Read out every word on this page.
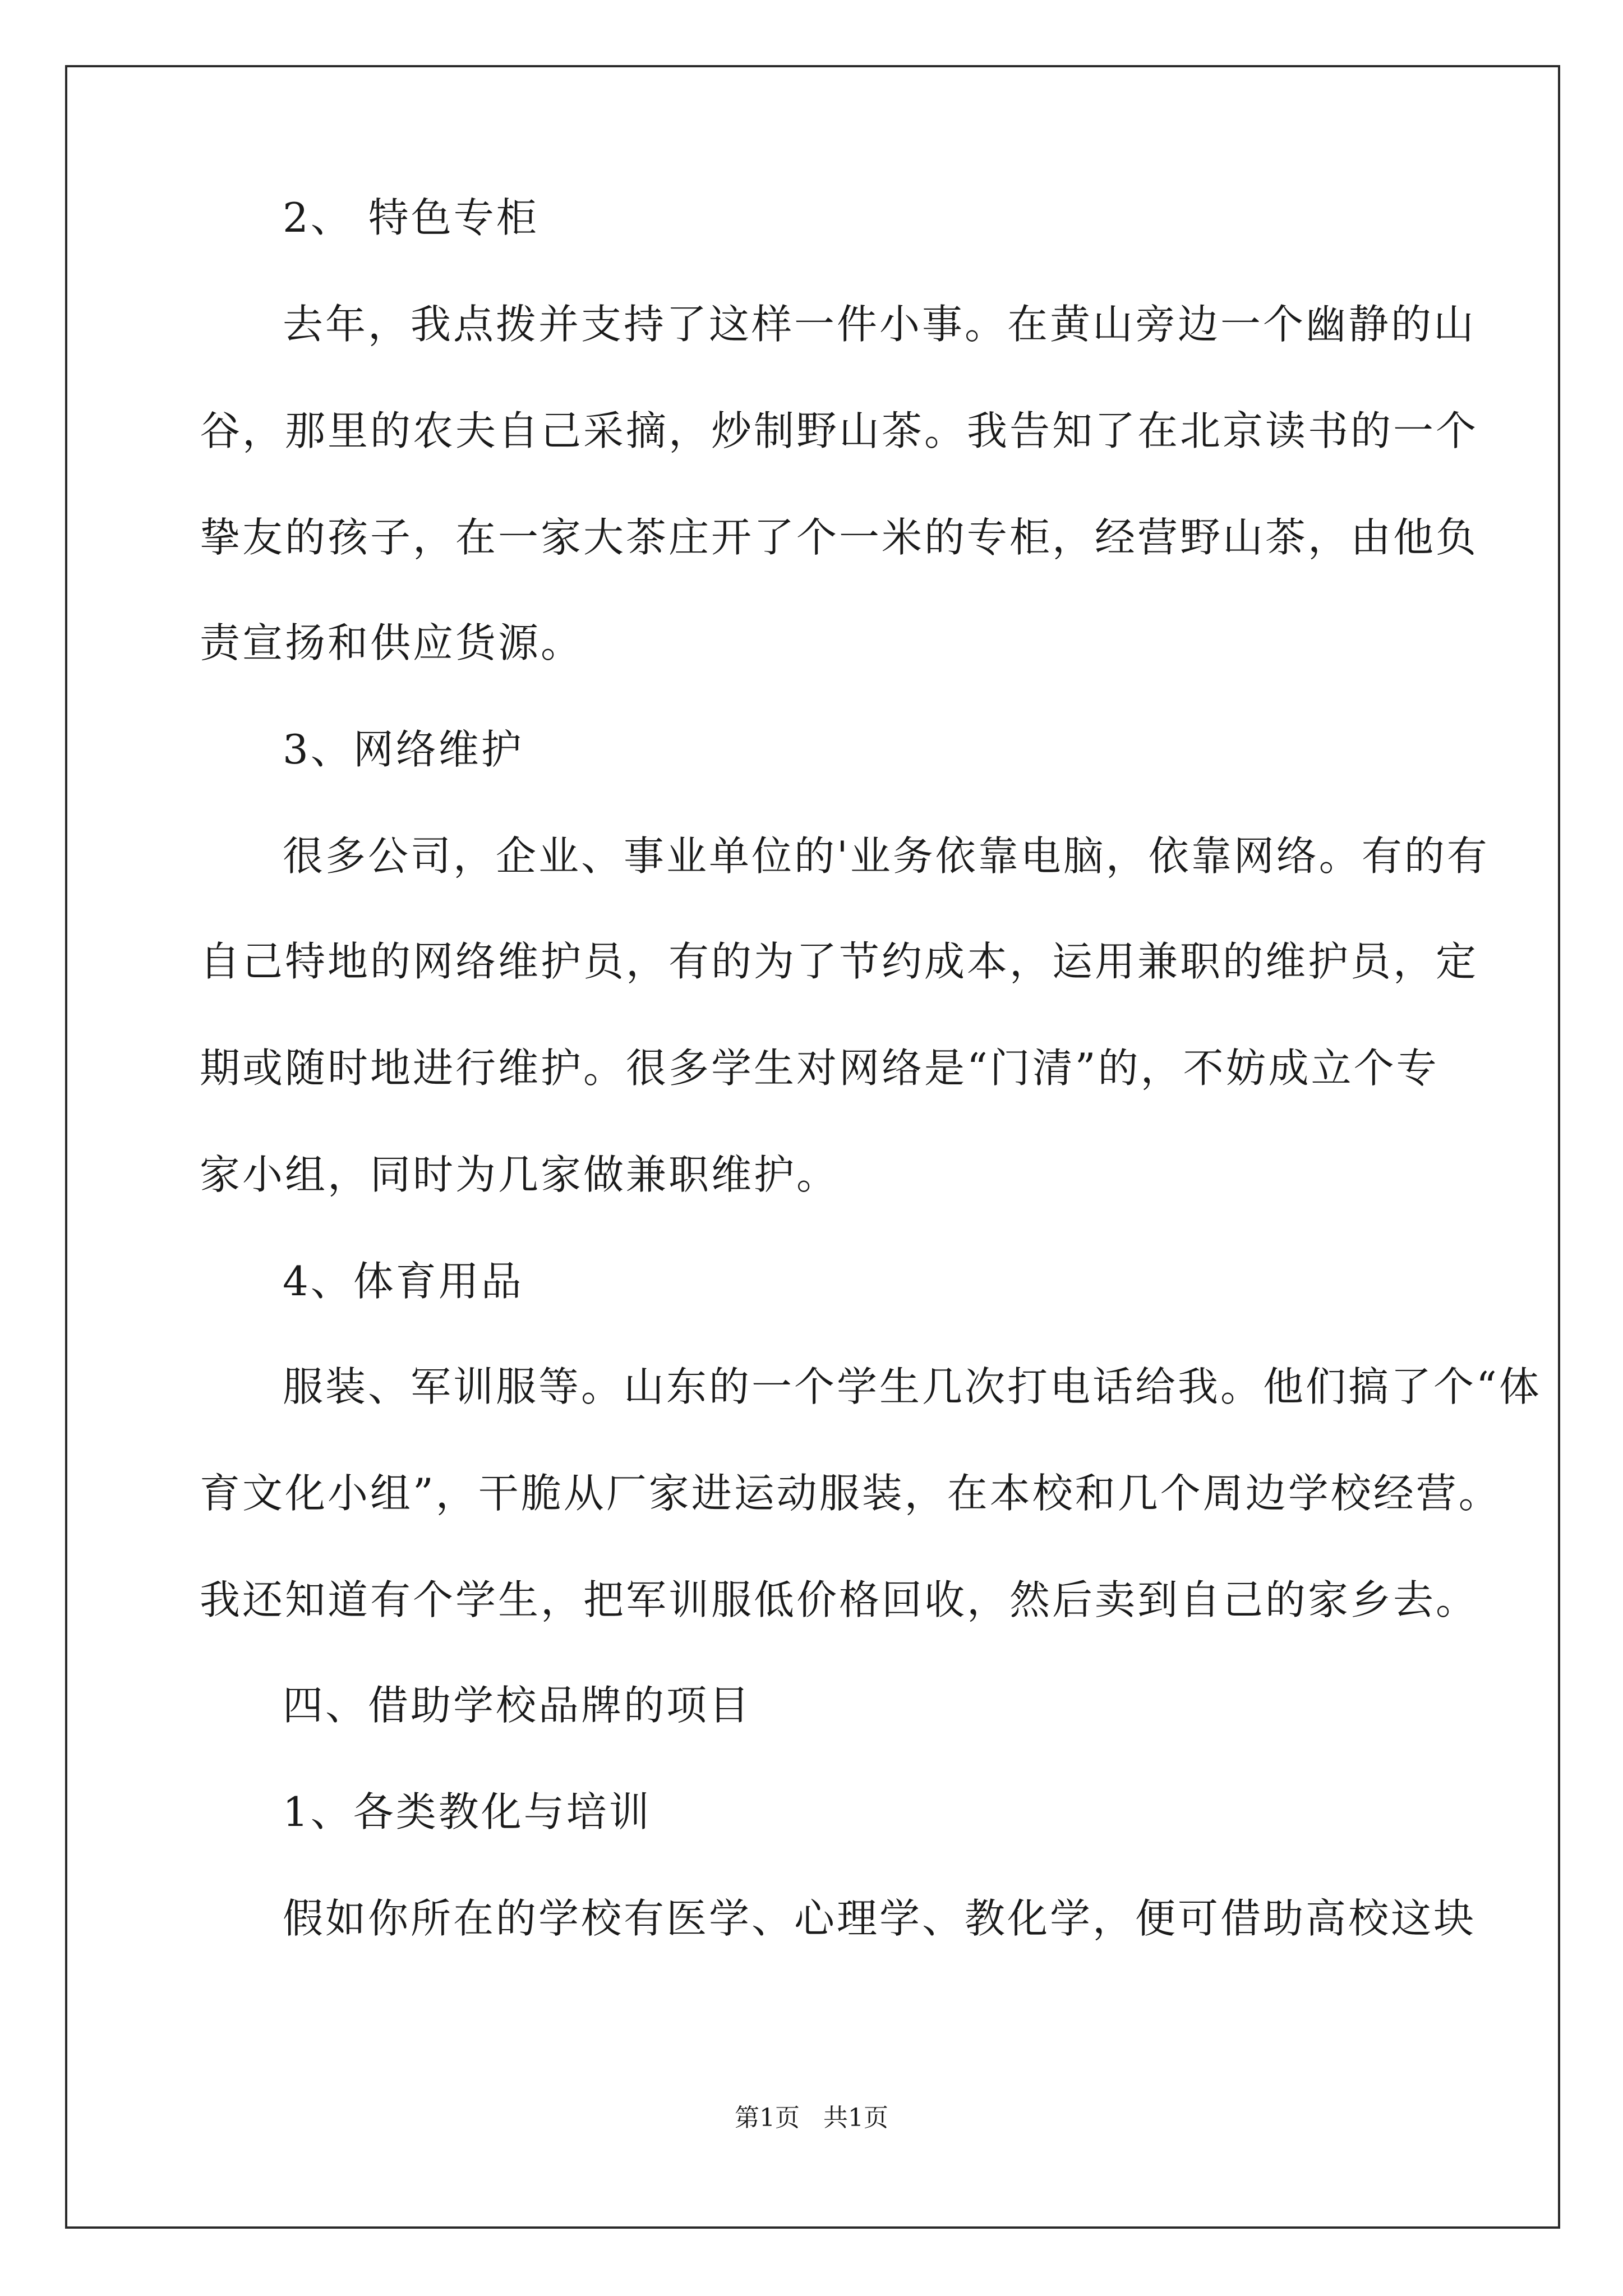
2、 特色专柜
去年，我点拨并支持了这样一件小事。在黄山旁边一个幽静的山
谷，那里的农夫自己采摘，炒制野山茶。我告知了在北京读书的一个
挚友的孩子，在一家大茶庄开了个一米的专柜，经营野山茶，由他负
责宣扬和供应货源。
3、网络维护
很多公司，企业、事业单位的'业务依靠电脑，依靠网络。有的有
自己特地的网络维护员，有的为了节约成本，运用兼职的维护员，定
期或随时地进行维护。很多学生对网络是“门清”的，不妨成立个专
家小组，同时为几家做兼职维护。
4、体育用品
服装、军训服等。山东的一个学生几次打电话给我。他们搞了个“体
育文化小组”，干脆从厂家进运动服装，在本校和几个周边学校经营。
我还知道有个学生，把军训服低价格回收，然后卖到自己的家乡去。
四、借助学校品牌的项目
1、各类教化与培训
假如你所在的学校有医学、心理学、教化学，便可借助高校这块
第1页 共1页
